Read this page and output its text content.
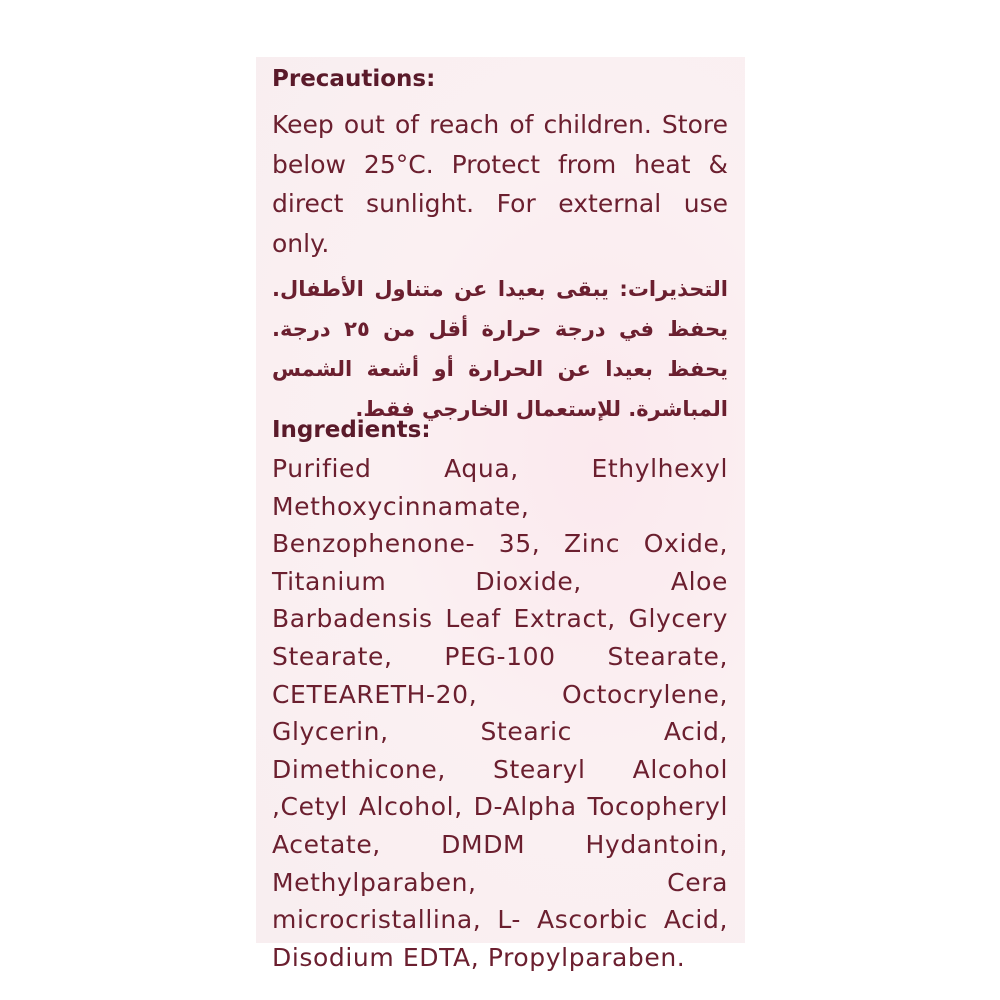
Precautions:
Keep out of reach of children. Store below 25°C. Protect from heat & direct sunlight. For external use only.
التحذيرات: يبقى بعيدا عن متناول الأطفال. يحفظ في درجة حرارة أقل من ٢٥ درجة. يحفظ بعيدا عن الحرارة أو أشعة الشمس المباشرة. للإستعمال الخارجي فقط.
Ingredients:
Purified Aqua, Ethylhexyl Methoxycinnamate, Benzophenone- 35, Zinc Oxide, Titanium Dioxide, Aloe Barbadensis Leaf Extract, Glycery Stearate, PEG-100 Stearate, CETEARETH-20, Octocrylene, Glycerin, Stearic Acid, Dimethicone, Stearyl Alcohol ,Cetyl Alcohol, D-Alpha Tocopheryl Acetate, DMDM Hydantoin, Methylparaben, Cera microcristallina, L- Ascorbic Acid, Disodium EDTA, Propylparaben.
